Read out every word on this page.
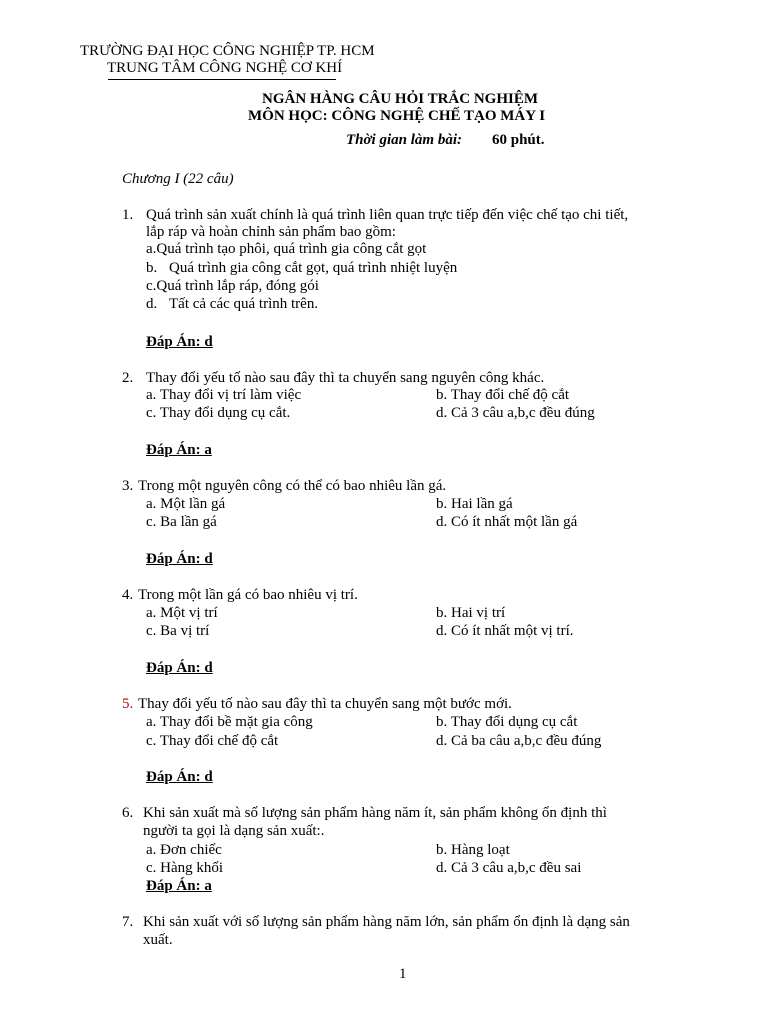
TRƯỜNG ĐẠI HỌC CÔNG NGHIỆP TP. HCM
TRUNG TÂM CÔNG NGHỆ CƠ KHÍ
NGÂN HÀNG CÂU HỎI TRẮC NGHIỆM
MÔN HỌC: CÔNG NGHỆ CHẾ TẠO MÁY I
Thời gian làm bài: 60 phút.
Chương I (22 câu)
1. Quá trình sản xuất chính là quá trình liên quan trực tiếp đến việc chế tạo chi tiết,
lắp ráp và hoàn chỉnh sản phẩm bao gồm:
a.Quá trình tạo phôi, quá trình gia công cắt gọt
b. Quá trình gia công cắt gọt, quá trình nhiệt luyện
c.Quá trình lắp ráp, đóng gói
d. Tất cả các quá trình trên.
Đáp Án: d
2. Thay đổi yếu tố nào sau đây thì ta chuyển sang nguyên công khác.
a. Thay đổi vị trí làm việc	b. Thay đổi chế độ cắt
c. Thay đổi dụng cụ cắt.	d. Cả 3 câu a,b,c đều đúng
Đáp Án: a
3. Trong một nguyên công có thể có bao nhiêu lần gá.
a. Một lần gá	b. Hai lần gá
c. Ba lần gá	d. Có ít nhất một lần gá
Đáp Án: d
4. Trong một lần gá có bao nhiêu vị trí.
a. Một vị trí	b. Hai vị trí
c. Ba vị trí	d. Có ít nhất một vị trí.
Đáp Án: d
5. Thay đổi yếu tố nào sau đây thì ta chuyển sang một bước mới.
a. Thay đổi bề mặt gia công	b. Thay đổi dụng cụ cắt
c. Thay đổi chế độ cắt	d. Cả ba câu a,b,c đều đúng
Đáp Án: d
6. Khi sản xuất mà số lượng sản phẩm hàng năm ít, sản phẩm không ổn định thì
người ta gọi là dạng sản xuất:.
a. Đơn chiếc	b. Hàng loạt
c. Hàng khối	d. Cả 3 câu a,b,c đều sai
Đáp Án: a
7. Khi sản xuất với số lượng sản phẩm hàng năm lớn, sản phẩm ổn định là dạng sản
xuất.
1
